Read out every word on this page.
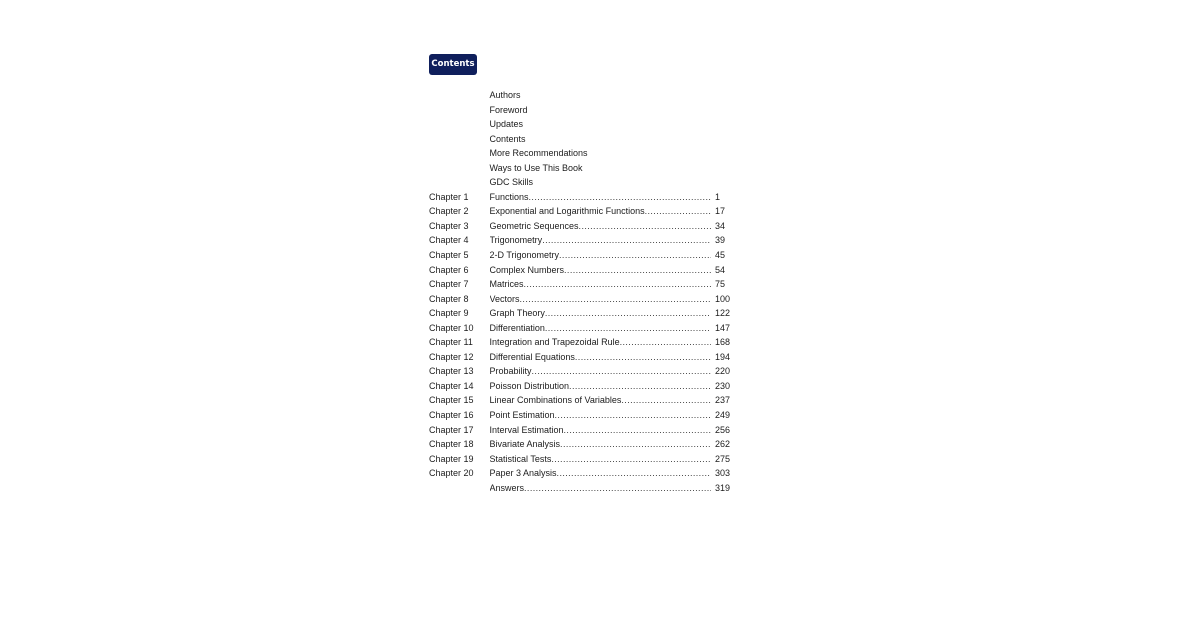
Contents
Authors
Foreword
Updates
Contents
More Recommendations
Ways to Use This Book
GDC Skills
Chapter 1	Functions .....	1
Chapter 2	Exponential and Logarithmic Functions .....	17
Chapter 3	Geometric Sequences .....	34
Chapter 4	Trigonometry .....	39
Chapter 5	2-D Trigonometry .....	45
Chapter 6	Complex Numbers .....	54
Chapter 7	Matrices .....	75
Chapter 8	Vectors .....	100
Chapter 9	Graph Theory .....	122
Chapter 10	Differentiation .....	147
Chapter 11	Integration and Trapezoidal Rule .....	168
Chapter 12	Differential Equations .....	194
Chapter 13	Probability .....	220
Chapter 14	Poisson Distribution .....	230
Chapter 15	Linear Combinations of Variables .....	237
Chapter 16	Point Estimation .....	249
Chapter 17	Interval Estimation .....	256
Chapter 18	Bivariate Analysis .....	262
Chapter 19	Statistical Tests .....	275
Chapter 20	Paper 3 Analysis .....	303
Answers .....	319
